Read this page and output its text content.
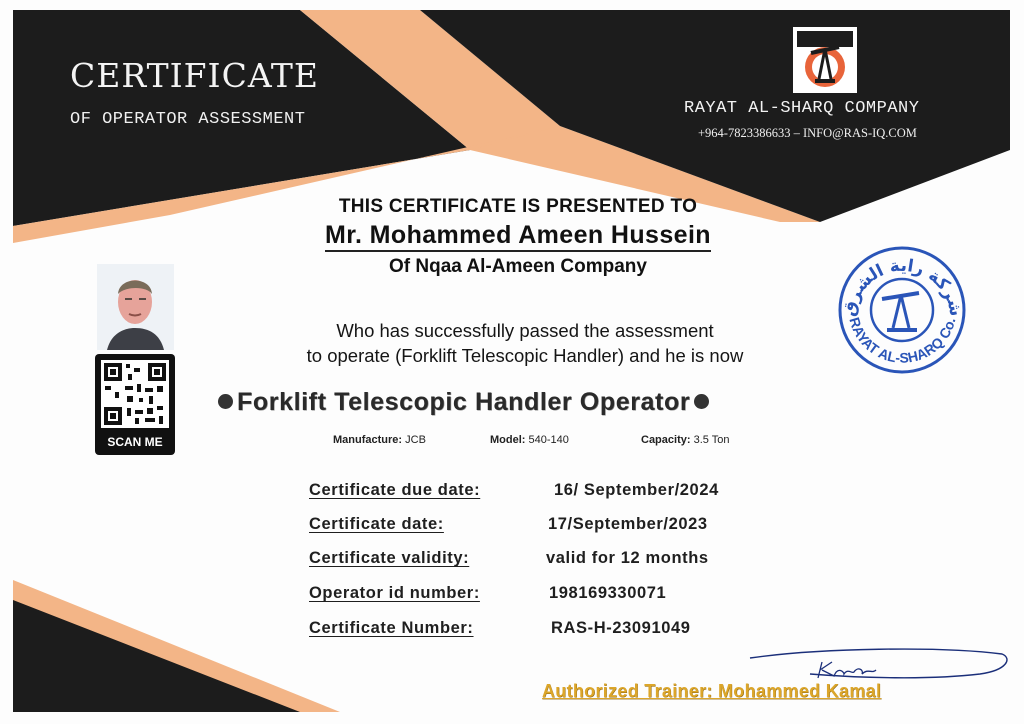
CERTIFICATE
OF OPERATOR ASSESSMENT
RAYAT AL-SHARQ COMPANY
+964-7823386633 – INFO@RAS-IQ.COM
THIS CERTIFICATE IS PRESENTED TO
Mr. Mohammed Ameen Hussein
Of Nqaa Al-Ameen Company
Who has successfully passed the assessment
to operate (Forklift Telescopic Handler) and he is now
Forklift Telescopic Handler Operator
Manufacture: JCB	Model: 540-140	Capacity: 3.5 Ton
SCAN ME
Certificate due date:	16/ September/2024
Certificate date:	17/September/2023
Certificate validity:	valid for 12 months
Operator id number:	198169330071
Certificate Number:	RAS-H-23091049
شركة راية الشرق
RAYAT AL-SHARQ Co.
Authorized Trainer: Mohammed Kamal
